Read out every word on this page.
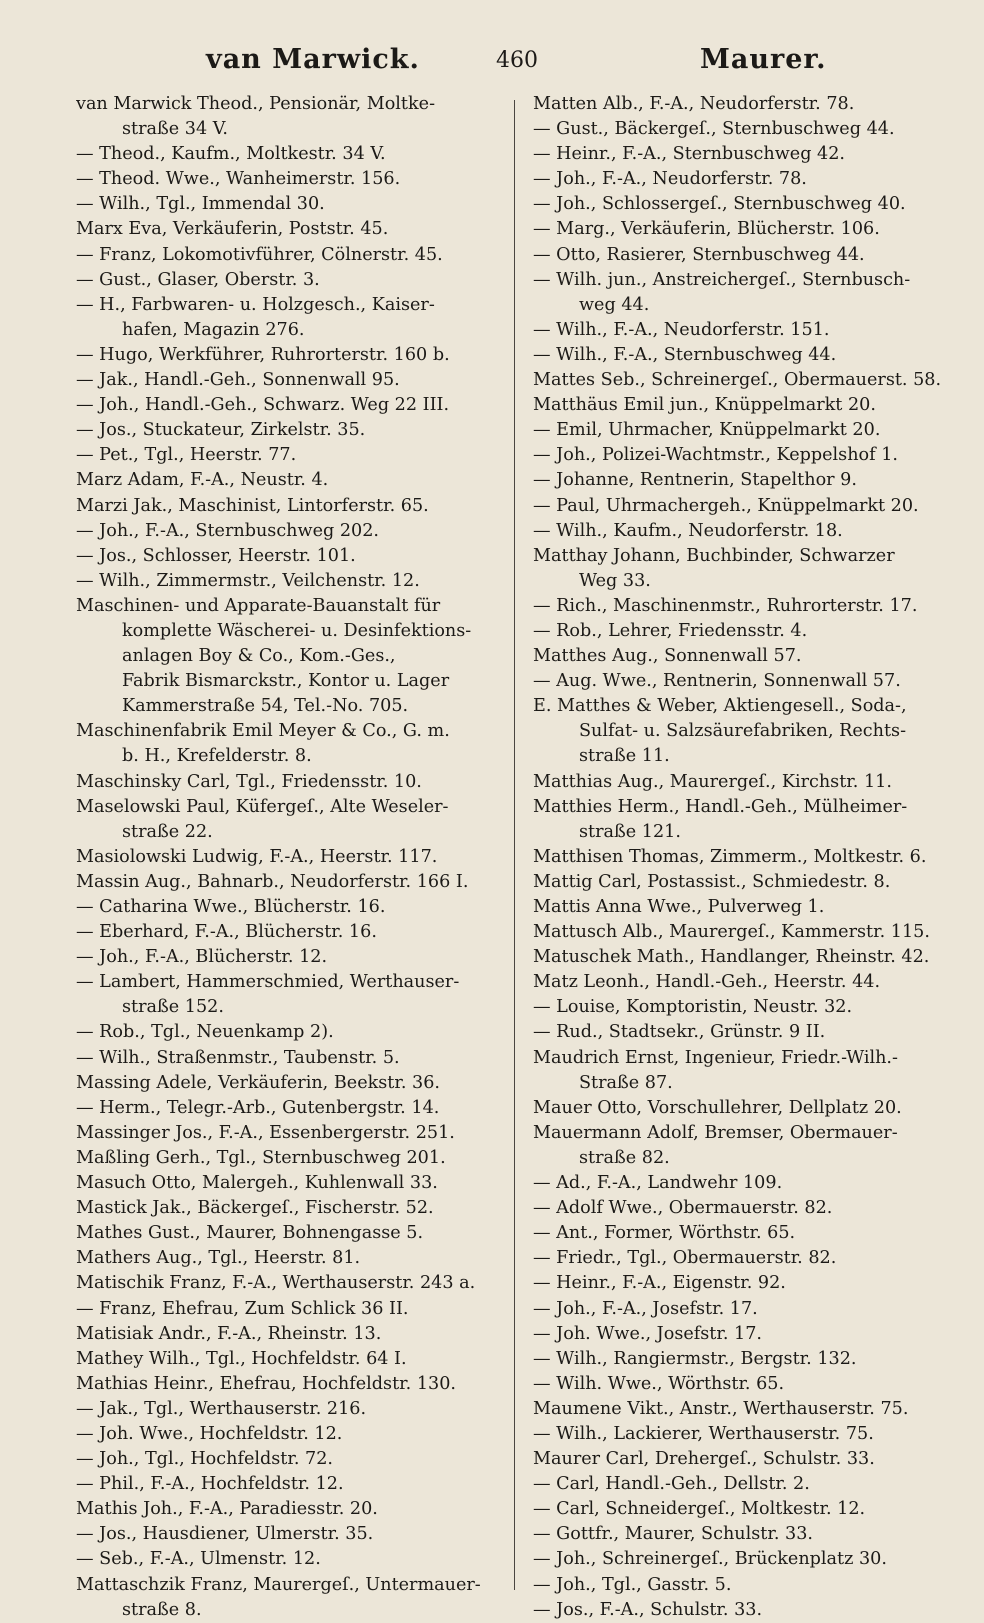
van Marwick.	460	Maurer.
van Marwick Theod., Pensionär, Moltke-
straße 34 V.
— Theod., Kaufm., Moltkestr. 34 V.
— Theod. Wwe., Wanheimerstr. 156.
— Wilh., Tgl., Immendal 30.
Marx Eva, Verkäuferin, Poststr. 45.
— Franz, Lokomotivführer, Cölnerstr. 45.
— Gust., Glaser, Oberstr. 3.
— H., Farbwaren- u. Holzgesch., Kaiser-
hafen, Magazin 276.
— Hugo, Werkführer, Ruhrorterstr. 160 b.
— Jak., Handl.-Geh., Sonnenwall 95.
— Joh., Handl.-Geh., Schwarz. Weg 22 III.
— Jos., Stuckateur, Zirkelstr. 35.
— Pet., Tgl., Heerstr. 77.
Marz Adam, F.-A., Neustr. 4.
Marzi Jak., Maschinist, Lintorferstr. 65.
— Joh., F.-A., Sternbuschweg 202.
— Jos., Schlosser, Heerstr. 101.
— Wilh., Zimmermstr., Veilchenstr. 12.
Maschinen- und Apparate-Bauanstalt für
komplette Wäscherei- u. Desinfektions-
anlagen Boy & Co., Kom.-Ges.,
Fabrik Bismarckstr., Kontor u. Lager
Kammerstraße 54, Tel.-No. 705.
Maschinenfabrik Emil Meyer & Co., G. m.
b. H., Krefelderstr. 8.
Maschinsky Carl, Tgl., Friedensstr. 10.
Maselowski Paul, Küfergeſ., Alte Weseler-
straße 22.
Masiolowski Ludwig, F.-A., Heerstr. 117.
Massin Aug., Bahnarb., Neudorferstr. 166 I.
— Catharina Wwe., Blücherstr. 16.
— Eberhard, F.-A., Blücherstr. 16.
— Joh., F.-A., Blücherstr. 12.
— Lambert, Hammerschmied, Werthauser-
straße 152.
— Rob., Tgl., Neuenkamp 2).
— Wilh., Straßenmstr., Taubenstr. 5.
Massing Adele, Verkäuferin, Beekstr. 36.
— Herm., Telegr.-Arb., Gutenbergstr. 14.
Massinger Jos., F.-A., Essenbergerstr. 251.
Maßling Gerh., Tgl., Sternbuschweg 201.
Masuch Otto, Malergeh., Kuhlenwall 33.
Mastick Jak., Bäckergeſ., Fischerstr. 52.
Mathes Gust., Maurer, Bohnengasse 5.
Mathers Aug., Tgl., Heerstr. 81.
Matischik Franz, F.-A., Werthauserstr. 243 a.
— Franz, Ehefrau, Zum Schlick 36 II.
Matisiak Andr., F.-A., Rheinstr. 13.
Mathey Wilh., Tgl., Hochfeldstr. 64 I.
Mathias Heinr., Ehefrau, Hochfeldstr. 130.
— Jak., Tgl., Werthauserstr. 216.
— Joh. Wwe., Hochfeldstr. 12.
— Joh., Tgl., Hochfeldstr. 72.
— Phil., F.-A., Hochfeldstr. 12.
Mathis Joh., F.-A., Paradiesstr. 20.
— Jos., Hausdiener, Ulmerstr. 35.
— Seb., F.-A., Ulmenstr. 12.
Mattaschzik Franz, Maurergeſ., Untermauer-
straße 8.
Matten Alb., F.-A., Neudorferstr. 78.
— Gust., Bäckergeſ., Sternbuschweg 44.
— Heinr., F.-A., Sternbuschweg 42.
— Joh., F.-A., Neudorferstr. 78.
— Joh., Schlossergeſ., Sternbuschweg 40.
— Marg., Verkäuferin, Blücherstr. 106.
— Otto, Rasierer, Sternbuschweg 44.
— Wilh. jun., Anstreichergeſ., Sternbusch-
weg 44.
— Wilh., F.-A., Neudorferstr. 151.
— Wilh., F.-A., Sternbuschweg 44.
Mattes Seb., Schreinergeſ., Obermauerst. 58.
Matthäus Emil jun., Knüppelmarkt 20.
— Emil, Uhrmacher, Knüppelmarkt 20.
— Joh., Polizei-Wachtmstr., Keppelshof 1.
— Johanne, Rentnerin, Stapelthor 9.
— Paul, Uhrmachergeh., Knüppelmarkt 20.
— Wilh., Kaufm., Neudorferstr. 18.
Matthay Johann, Buchbinder, Schwarzer
Weg 33.
— Rich., Maschinenmstr., Ruhrorterstr. 17.
— Rob., Lehrer, Friedensstr. 4.
Matthes Aug., Sonnenwall 57.
— Aug. Wwe., Rentnerin, Sonnenwall 57.
E. Matthes & Weber, Aktiengesell., Soda-,
Sulfat- u. Salzsäurefabriken, Rechts-
straße 11.
Matthias Aug., Maurergeſ., Kirchstr. 11.
Matthies Herm., Handl.-Geh., Mülheimer-
straße 121.
Matthisen Thomas, Zimmerm., Moltkestr. 6.
Mattig Carl, Postassist., Schmiedestr. 8.
Mattis Anna Wwe., Pulverweg 1.
Mattusch Alb., Maurergeſ., Kammerstr. 115.
Matuschek Math., Handlanger, Rheinstr. 42.
Matz Leonh., Handl.-Geh., Heerstr. 44.
— Louise, Komptoristin, Neustr. 32.
— Rud., Stadtsekr., Grünstr. 9 II.
Maudrich Ernst, Ingenieur, Friedr.-Wilh.-
Straße 87.
Mauer Otto, Vorschullehrer, Dellplatz 20.
Mauermann Adolf, Bremser, Obermauer-
straße 82.
— Ad., F.-A., Landwehr 109.
— Adolf Wwe., Obermauerstr. 82.
— Ant., Former, Wörthstr. 65.
— Friedr., Tgl., Obermauerstr. 82.
— Heinr., F.-A., Eigenstr. 92.
— Joh., F.-A., Josefstr. 17.
— Joh. Wwe., Josefstr. 17.
— Wilh., Rangiermstr., Bergstr. 132.
— Wilh. Wwe., Wörthstr. 65.
Maumene Vikt., Anstr., Werthauserstr. 75.
— Wilh., Lackierer, Werthauserstr. 75.
Maurer Carl, Drehergeſ., Schulstr. 33.
— Carl, Handl.-Geh., Dellstr. 2.
— Carl, Schneidergeſ., Moltkestr. 12.
— Gottfr., Maurer, Schulstr. 33.
— Joh., Schreinergeſ., Brückenplatz 30.
— Joh., Tgl., Gasstr. 5.
— Jos., F.-A., Schulstr. 33.
